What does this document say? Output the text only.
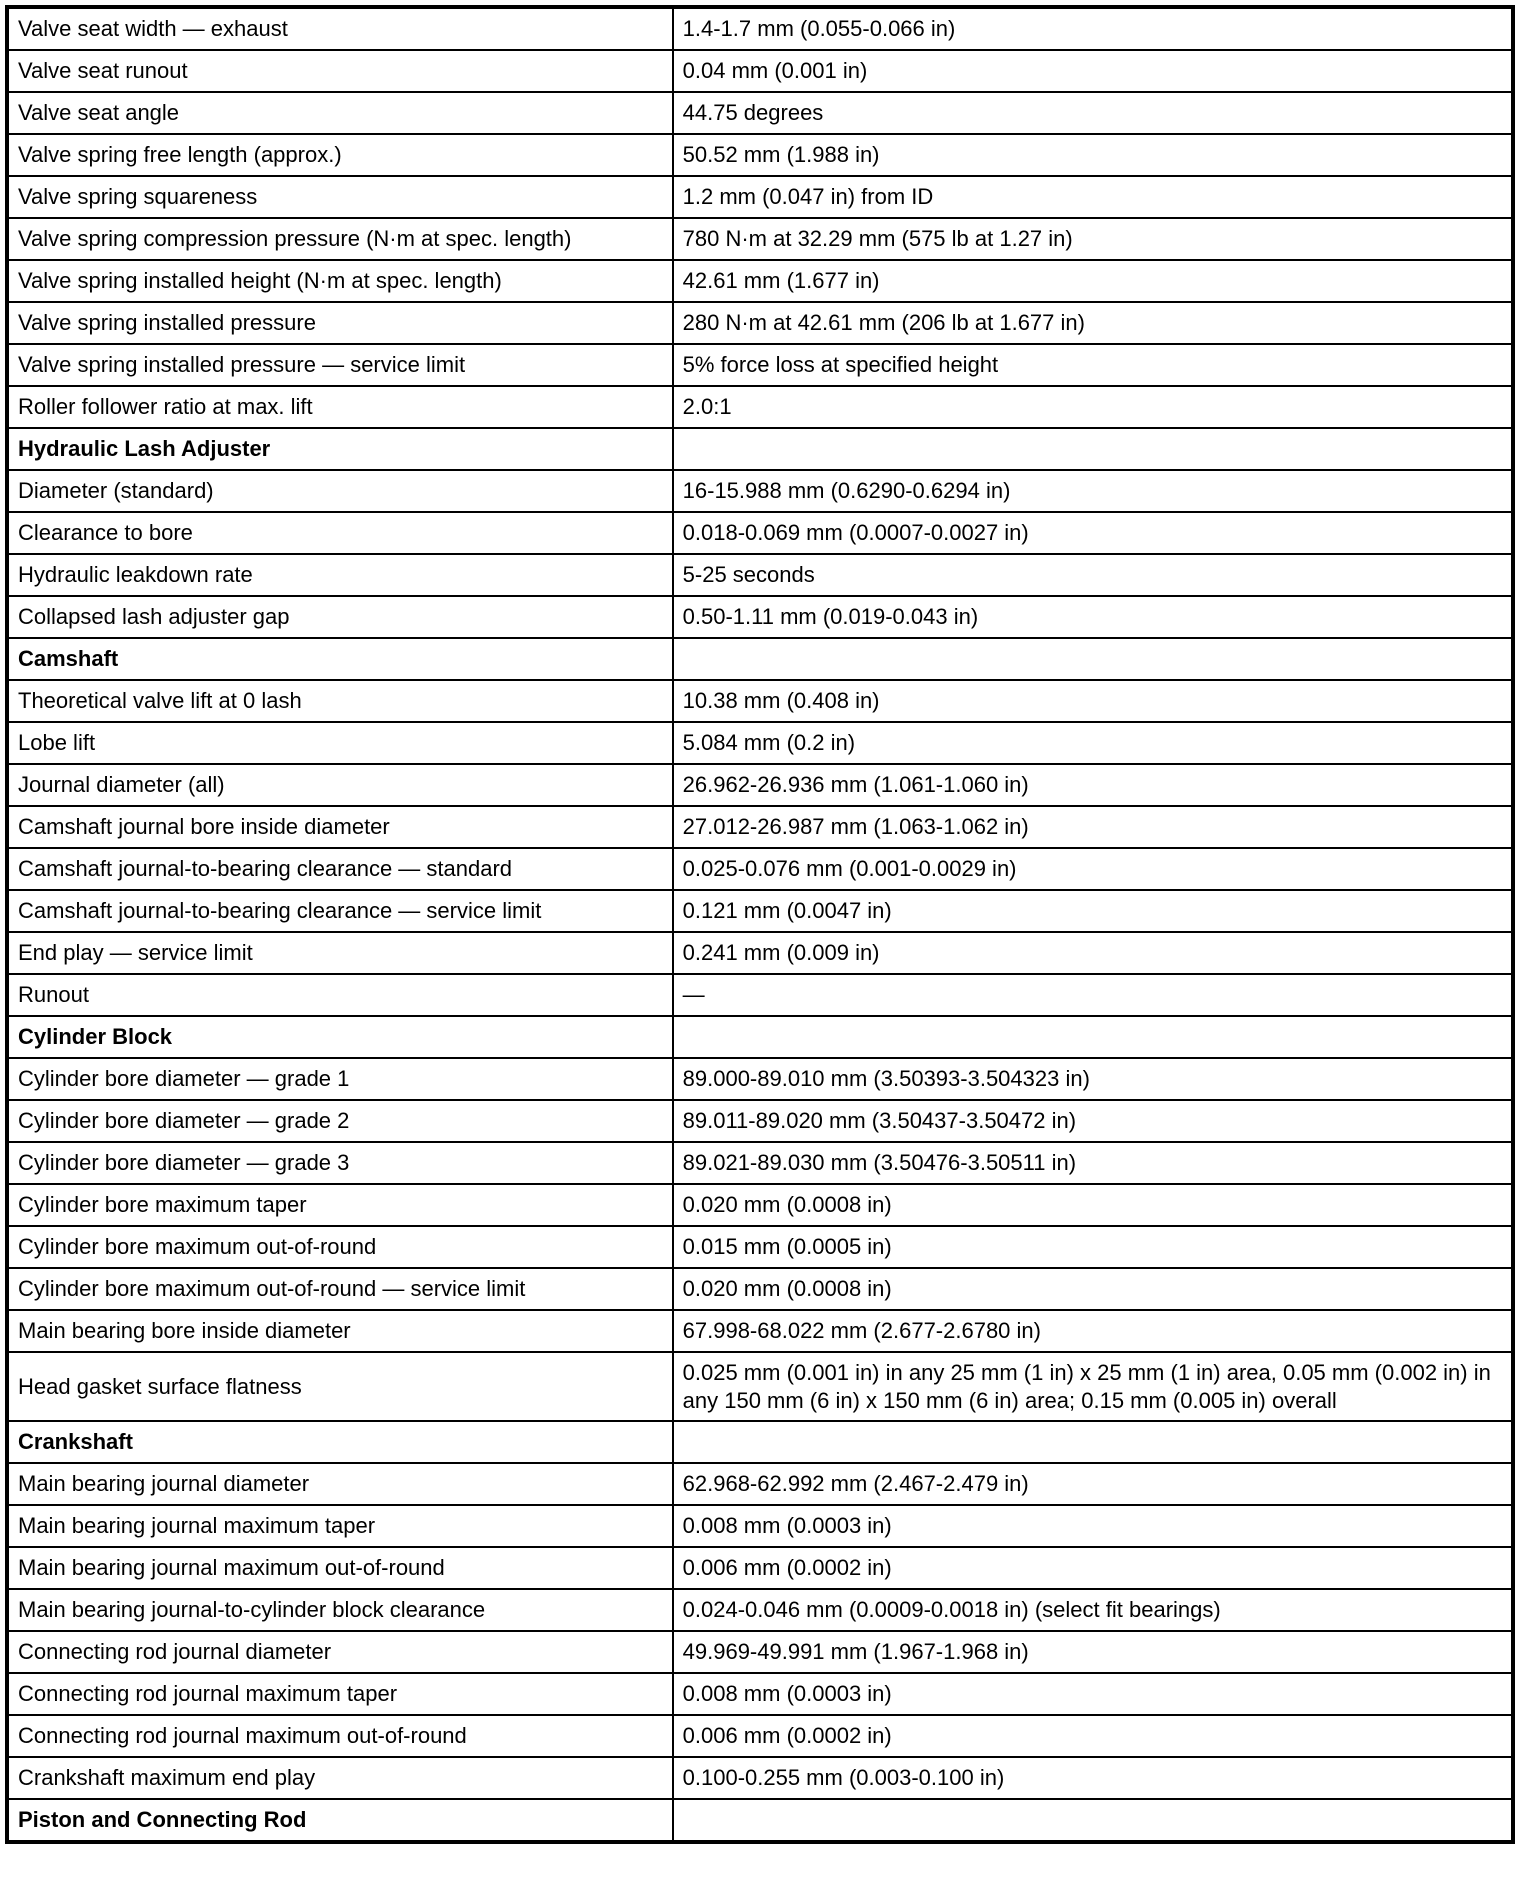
Valve seat width — exhaust	1.4-1.7 mm (0.055-0.066 in)
Valve seat runout	0.04 mm (0.001 in)
Valve seat angle	44.75 degrees
Valve spring free length (approx.)	50.52 mm (1.988 in)
Valve spring squareness	1.2 mm (0.047 in) from ID
Valve spring compression pressure (N·m at spec. length)	780 N·m at 32.29 mm (575 lb at 1.27 in)
Valve spring installed height (N·m at spec. length)	42.61 mm (1.677 in)
Valve spring installed pressure	280 N·m at 42.61 mm (206 lb at 1.677 in)
Valve spring installed pressure — service limit	5% force loss at specified height
Roller follower ratio at max. lift	2.0:1
Hydraulic Lash Adjuster	
Diameter (standard)	16-15.988 mm (0.6290-0.6294 in)
Clearance to bore	0.018-0.069 mm (0.0007-0.0027 in)
Hydraulic leakdown rate	5-25 seconds
Collapsed lash adjuster gap	0.50-1.11 mm (0.019-0.043 in)
Camshaft	
Theoretical valve lift at 0 lash	10.38 mm (0.408 in)
Lobe lift	5.084 mm (0.2 in)
Journal diameter (all)	26.962-26.936 mm (1.061-1.060 in)
Camshaft journal bore inside diameter	27.012-26.987 mm (1.063-1.062 in)
Camshaft journal-to-bearing clearance — standard	0.025-0.076 mm (0.001-0.0029 in)
Camshaft journal-to-bearing clearance — service limit	0.121 mm (0.0047 in)
End play — service limit	0.241 mm (0.009 in)
Runout	—
Cylinder Block	
Cylinder bore diameter — grade 1	89.000-89.010 mm (3.50393-3.504323 in)
Cylinder bore diameter — grade 2	89.011-89.020 mm (3.50437-3.50472 in)
Cylinder bore diameter — grade 3	89.021-89.030 mm (3.50476-3.50511 in)
Cylinder bore maximum taper	0.020 mm (0.0008 in)
Cylinder bore maximum out-of-round	0.015 mm (0.0005 in)
Cylinder bore maximum out-of-round — service limit	0.020 mm (0.0008 in)
Main bearing bore inside diameter	67.998-68.022 mm (2.677-2.6780 in)
Head gasket surface flatness	0.025 mm (0.001 in) in any 25 mm (1 in) x 25 mm (1 in) area, 0.05 mm (0.002 in) in any 150 mm (6 in) x 150 mm (6 in) area; 0.15 mm (0.005 in) overall
Crankshaft	
Main bearing journal diameter	62.968-62.992 mm (2.467-2.479 in)
Main bearing journal maximum taper	0.008 mm (0.0003 in)
Main bearing journal maximum out-of-round	0.006 mm (0.0002 in)
Main bearing journal-to-cylinder block clearance	0.024-0.046 mm (0.0009-0.0018 in) (select fit bearings)
Connecting rod journal diameter	49.969-49.991 mm (1.967-1.968 in)
Connecting rod journal maximum taper	0.008 mm (0.0003 in)
Connecting rod journal maximum out-of-round	0.006 mm (0.0002 in)
Crankshaft maximum end play	0.100-0.255 mm (0.003-0.100 in)
Piston and Connecting Rod	
